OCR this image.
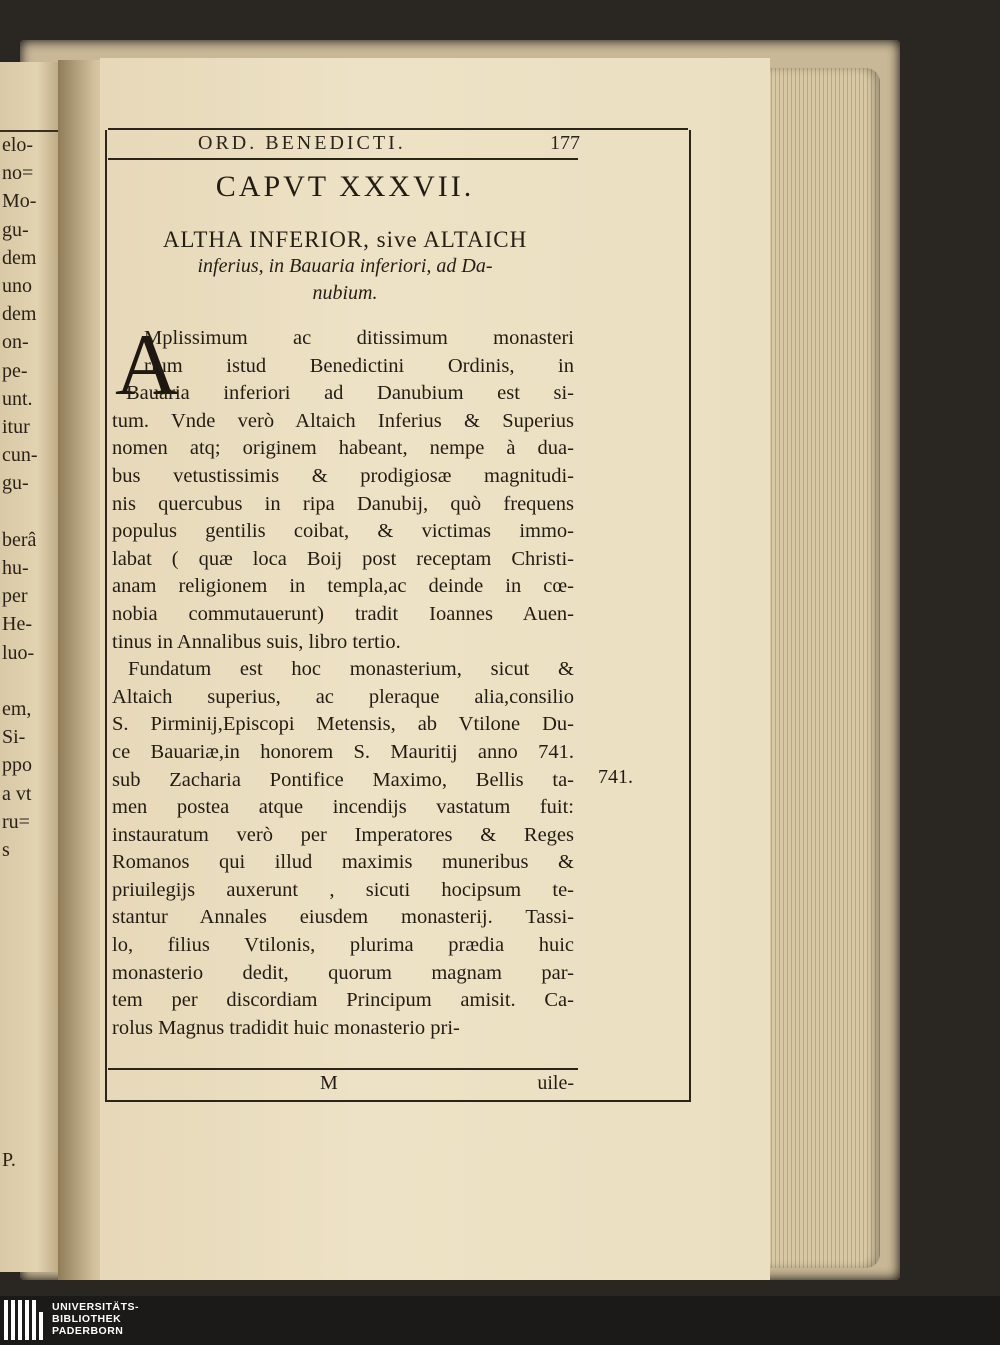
elo-
no=
Mo-
gu-
dem
uno
dem
on-
pe-
unt.
itur
cun-
gu-
berâ
hu-
per
He-
luo-
em,
Si-
ppo
a vt
ru=
s
P.
ORD. BENEDICTI.	177
CAPVT XXXVII.
ALTHA INFERIOR, sive ALTAICH
inferius, in Bauaria inferiori, ad Da-
nubium.
A
Mplissimum ac ditissimum monasteri
rium istud Benedictini Ordinis, in
Bauaria inferiori ad Danubium est si-
tum. Vnde verò Altaich Inferius & Superius
nomen atq; originem habeant, nempe à dua-
bus vetustissimis & prodigiosæ magnitudi-
nis quercubus in ripa Danubij, quò frequens
populus gentilis coibat, & victimas immo-
labat ( quæ loca Boij post receptam Christi-
anam religionem in templa,ac deinde in cœ-
nobia commutauerunt) tradit Ioannes Auen-
tinus in Annalibus suis, libro tertio.
Fundatum est hoc monasterium, sicut &
Altaich superius, ac pleraque alia,consilio
S. Pirminij,Episcopi Metensis, ab Vtilone Du-
ce Bauariæ,in honorem S. Mauritij anno 741.
sub Zacharia Pontifice Maximo, Bellis ta-
men postea atque incendijs vastatum fuit:
instauratum verò per Imperatores & Reges
Romanos qui illud maximis muneribus &
priuilegijs auxerunt , sicuti hocipsum te-
stantur Annales eiusdem monasterij. Tassi-
lo, filius Vtilonis, plurima prædia huic
monasterio dedit, quorum magnam par-
tem per discordiam Principum amisit. Ca-
rolus Magnus tradidit huic monasterio pri-
M	uile-
741.
UNIVERSITÄTS-
BIBLIOTHEK
PADERBORN
